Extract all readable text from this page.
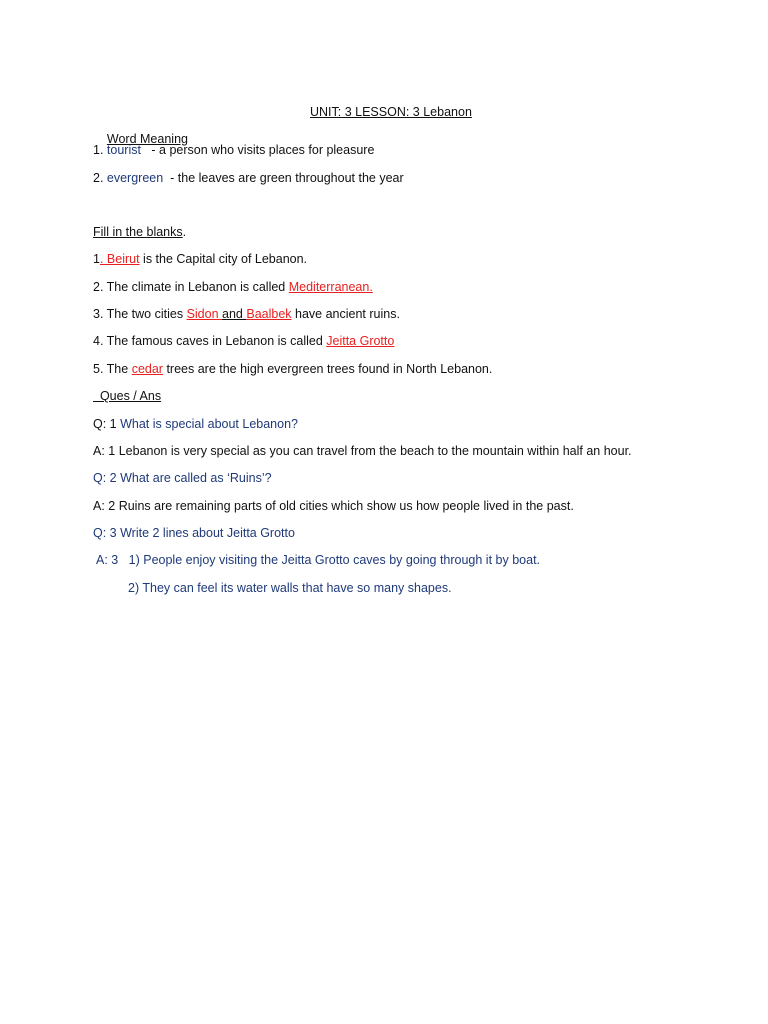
UNIT: 3 LESSON: 3 Lebanon

Word Meaning

1. tourist   - a person who visits places for pleasure
2. evergreen  - the leaves are green throughout the year
Fill in the blanks.
1. Beirut is the Capital city of Lebanon.
2. The climate in Lebanon is called Mediterranean.
3. The two cities Sidon and Baalbek have ancient ruins.
4. The famous caves in Lebanon is called Jeitta Grotto
5. The cedar trees are the high evergreen trees found in North Lebanon.
Ques / Ans
Q: 1 What is special about Lebanon?
A: 1 Lebanon is very special as you can travel from the beach to the mountain within half an hour.
Q: 2 What are called as ‘Ruins’?
A: 2 Ruins are remaining parts of old cities which show us how people lived in the past.
Q: 3 Write 2 lines about Jeitta Grotto
A: 3   1) People enjoy visiting the Jeitta Grotto caves by going through it by boat.
2) They can feel its water walls that have so many shapes.
